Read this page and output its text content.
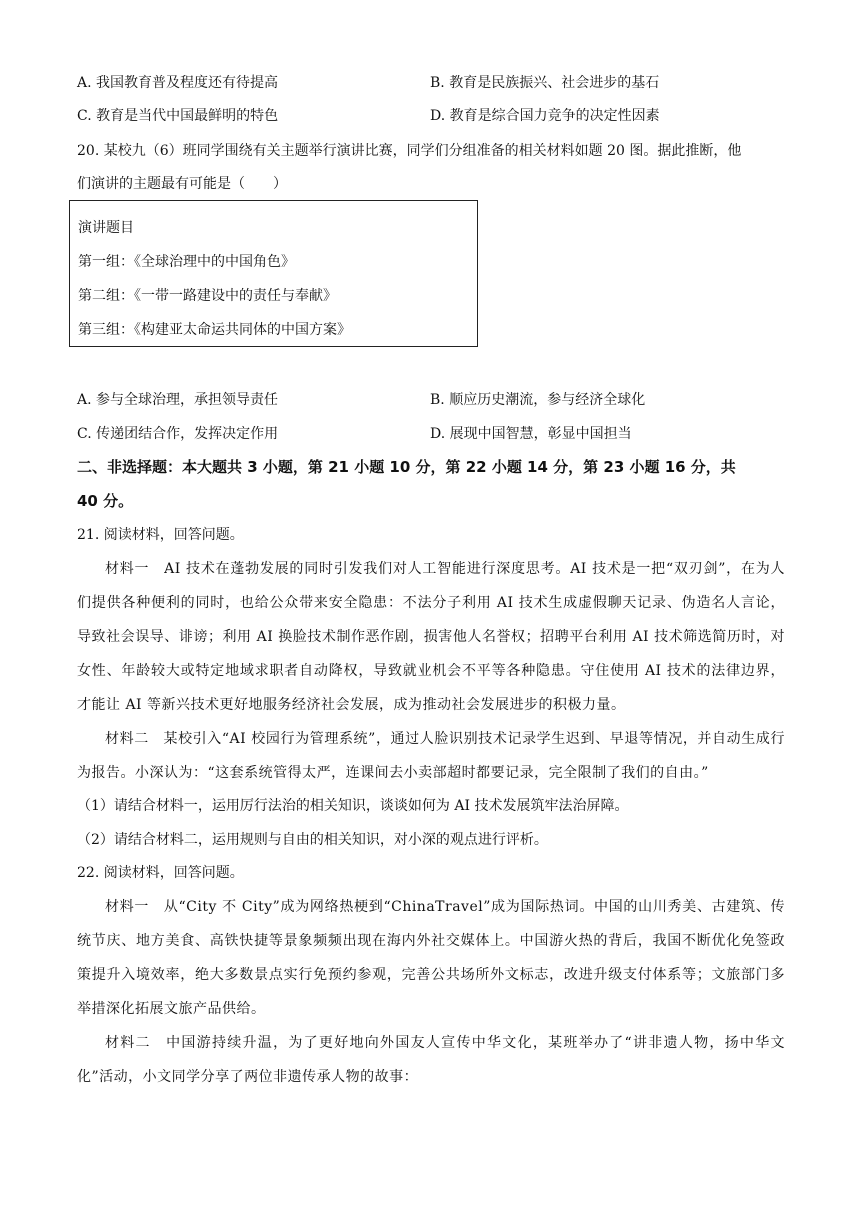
A. 我国教育普及程度还有待提高	B. 教育是民族振兴、社会进步的基石
C. 教育是当代中国最鲜明的特色	D. 教育是综合国力竞争的决定性因素
20. 某校九（6）班同学围绕有关主题举行演讲比赛，同学们分组准备的相关材料如题 20 图。据此推断，他
们演讲的主题最有可能是（　　）
演讲题目
第一组：《全球治理中的中国角色》
第二组：《一带一路建设中的责任与奉献》
第三组：《构建亚太命运共同体的中国方案》
A. 参与全球治理，承担领导责任	B. 顺应历史潮流，参与经济全球化
C. 传递团结合作，发挥决定作用	D. 展现中国智慧，彰显中国担当
二、非选择题：本大题共 3 小题，第 21 小题 10 分，第 22 小题 14 分，第 23 小题 16 分，共
40 分。
21. 阅读材料，回答问题。
材料一　AI 技术在蓬勃发展的同时引发我们对人工智能进行深度思考。AI 技术是一把“双刃剑”，在为人们提供各种便利的同时，也给公众带来安全隐患：不法分子利用 AI 技术生成虚假聊天记录、伪造名人言论，导致社会误导、诽谤；利用 AI 换脸技术制作恶作剧，损害他人名誉权；招聘平台利用 AI 技术筛选简历时，对女性、年龄较大或特定地域求职者自动降权，导致就业机会不平等各种隐患。守住使用 AI 技术的法律边界，才能让 AI 等新兴技术更好地服务经济社会发展，成为推动社会发展进步的积极力量。
材料二　某校引入“AI 校园行为管理系统”，通过人脸识别技术记录学生迟到、早退等情况，并自动生成行为报告。小深认为：“这套系统管得太严，连课间去小卖部超时都要记录，完全限制了我们的自由。”
（1）请结合材料一，运用厉行法治的相关知识，谈谈如何为 AI 技术发展筑牢法治屏障。
（2）请结合材料二，运用规则与自由的相关知识，对小深的观点进行评析。
22. 阅读材料，回答问题。
材料一　从“City 不 City”成为网络热梗到“ChinaTravel”成为国际热词。中国的山川秀美、古建筑、传统节庆、地方美食、高铁快捷等景象频频出现在海内外社交媒体上。中国游火热的背后，我国不断优化免签政策提升入境效率，绝大多数景点实行免预约参观，完善公共场所外文标志，改进升级支付体系等；文旅部门多举措深化拓展文旅产品供给。
材料二　中国游持续升温，为了更好地向外国友人宣传中华文化，某班举办了“讲非遗人物，扬中华文化”活动，小文同学分享了两位非遗传承人物的故事：
